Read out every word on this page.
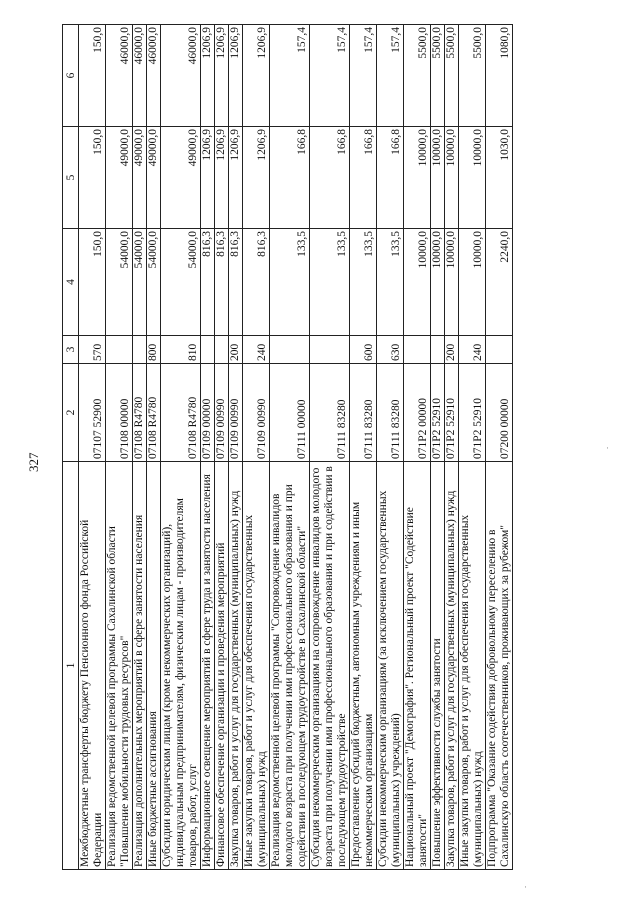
327
1	2	3	4	5	6
Межбюджетные трансферты бюджету Пенсионного фонда Российской Федерации	07107 52900	570	150,0	150,0	150,0
Реализация ведомственной целевой программы Сахалинской области "Повышение мобильности трудовых ресурсов"	07108 00000		54000,0	49000,0	46000,0
Реализация дополнительных мероприятий в сфере занятости населения	07108 R4780		54000,0	49000,0	46000,0
Иные бюджетные ассигнования	07108 R4780	800	54000,0	49000,0	46000,0
Субсидии юридическим лицам (кроме некоммерческих организаций), индивидуальным предпринимателям, физическим лицам - производителям товаров, работ, услуг	07108 R4780	810	54000,0	49000,0	46000,0
Информационное освещение мероприятий в сфере труда и занятости населения	07109 00000		816,3	1206,9	1206,9
Финансовое обеспечение организации и проведения мероприятий	07109 00990		816,3	1206,9	1206,9
Закупка товаров, работ и услуг для государственных (муниципальных) нужд	07109 00990	200	816,3	1206,9	1206,9
Иные закупки товаров, работ и услуг для обеспечения государственных (муниципальных) нужд	07109 00990	240	816,3	1206,9	1206,9
Реализация ведомственной целевой программы "Сопровождение инвалидов молодого возраста при получении ими профессионального образования и при содействии в последующем трудоустройстве в Сахалинской области"	07111 00000		133,5	166,8	157,4
Субсидия некоммерческим организациям на сопровождение инвалидов молодого возраста при получении ими профессионального образования и при содействии в последующем трудоустройстве	07111 83280		133,5	166,8	157,4
Предоставление субсидий бюджетным, автономным учреждениям и иным некоммерческим организациям	07111 83280	600	133,5	166,8	157,4
Субсидии некоммерческим организациям (за исключением государственных (муниципальных) учреждений)	07111 83280	630	133,5	166,8	157,4
Национальный проект "Демография". Региональный проект "Содействие занятости"	071P2 00000		10000,0	10000,0	5500,0
Повышение эффективности службы занятости	071P2 52910		10000,0	10000,0	5500,0
Закупка товаров, работ и услуг для государственных (муниципальных) нужд	071P2 52910	200	10000,0	10000,0	5500,0
Иные закупки товаров, работ и услуг для обеспечения государственных (муниципальных) нужд	071P2 52910	240	10000,0	10000,0	5500,0
Подпрограмма "Оказание содействия добровольному переселению в Сахалинскую область соотечественников, проживающих за рубежом"	07200 00000		2240,0	1030,0	1080,0
·
·
